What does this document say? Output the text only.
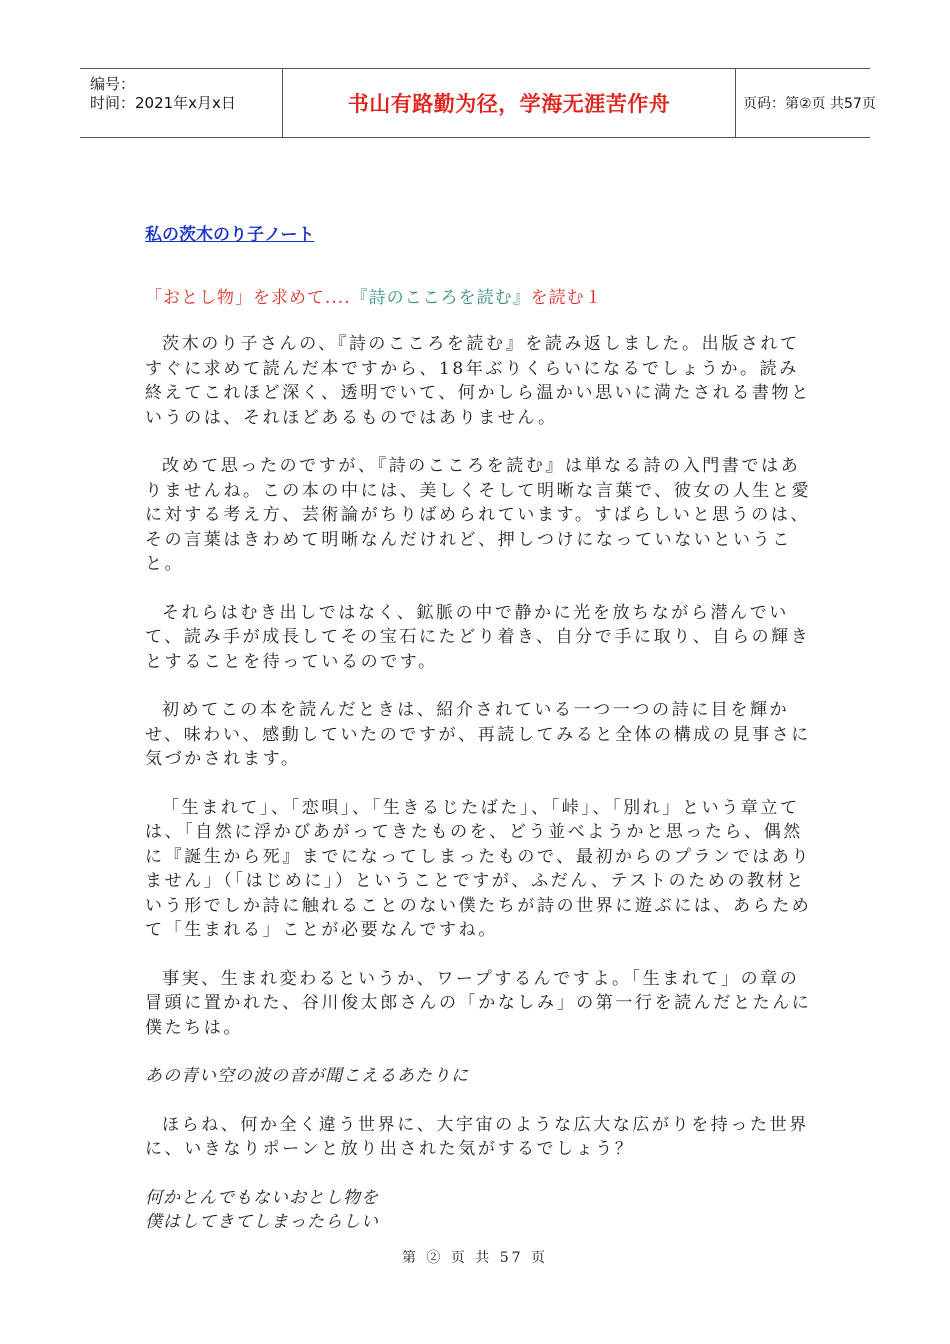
编号：
时间：2021年x月x日	书山有路勤为径，学海无涯苦作舟	页码：第②页 共57页
私の茨木のり子ノート
「おとし物」を求めて....『詩のこころを読む』を読む１

茨木のり子さんの、『詩のこころを読む』を読み返しました。出版されてすぐに求めて読んだ本ですから、18年ぶりくらいになるでしょうか。読み終えてこれほど深く、透明でいて、何かしら温かい思いに満たされる書物というのは、それほどあるものではありません。

改めて思ったのですが、『詩のこころを読む』は単なる詩の入門書ではありませんね。この本の中には、美しくそして明晰な言葉で、彼女の人生と愛に対する考え方、芸術論がちりばめられています。すばらしいと思うのは、その言葉はきわめて明晰なんだけれど、押しつけになっていないということ。

それらはむき出しではなく、鉱脈の中で静かに光を放ちながら潜んでいて、読み手が成長してその宝石にたどり着き、自分で手に取り、自らの輝きとすることを待っているのです。

初めてこの本を読んだときは、紹介されている一つ一つの詩に目を輝かせ、味わい、感動していたのですが、再読してみると全体の構成の見事さに気づかされます。

「生まれて」、「恋唄」、「生きるじたばた」、「峠」、「別れ」という章立ては、「自然に浮かびあがってきたものを、どう並べようかと思ったら、偶然に『誕生から死』までになってしまったもので、最初からのプランではありません」（「はじめに」）ということですが、ふだん、テストのための教材という形でしか詩に触れることのない僕たちが詩の世界に遊ぶには、あらためて「生まれる」ことが必要なんですね。

事実、生まれ変わるというか、ワープするんですよ。「生まれて」の章の冒頭に置かれた、谷川俊太郎さんの「かなしみ」の第一行を読んだとたんに僕たちは。

あの青い空の波の音が聞こえるあたりに

ほらね、何か全く違う世界に、大宇宙のような広大な広がりを持った世界に、いきなりポーンと放り出された気がするでしょう？

何かとんでもないおとし物を
僕はしてきてしまったらしい
第 ② 页 共 57 页
